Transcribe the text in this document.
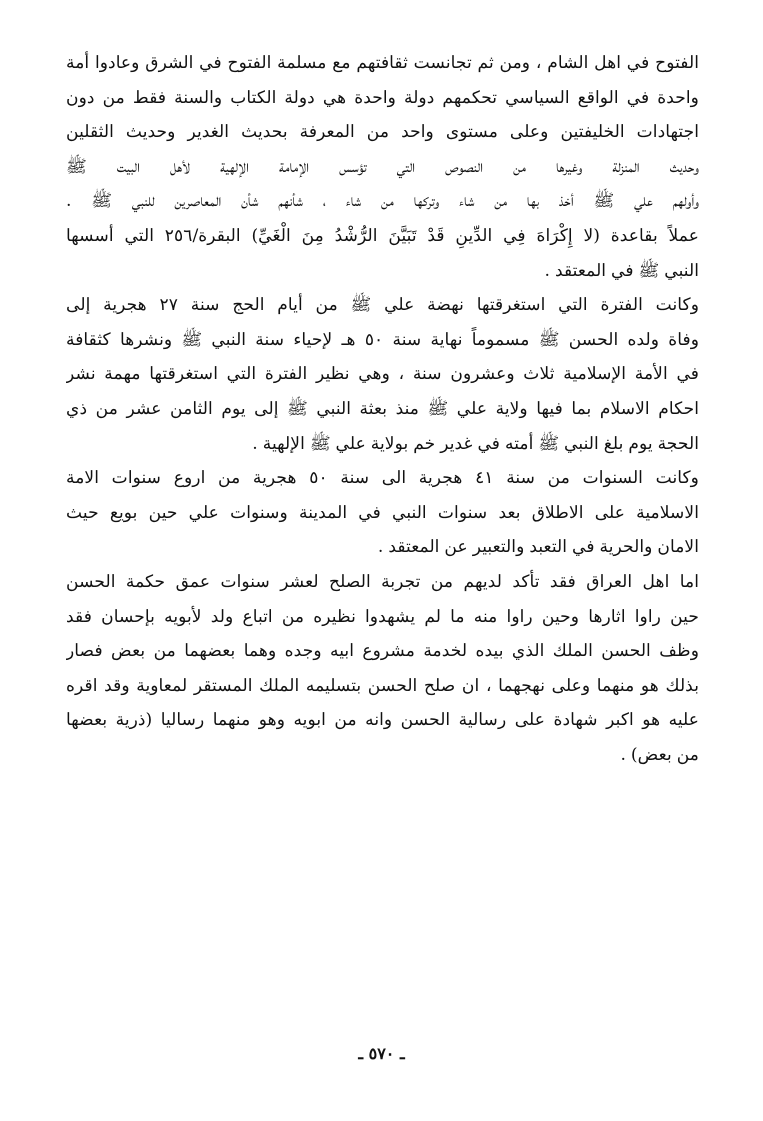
الفتوح في اهل الشام ، ومن ثم تجانست ثقافتهم مع مسلمة الفتوح في الشرق وعادوا أمة
واحدة في الواقع السياسي تحكمهم دولة واحدة هي دولة الكتاب والسنة فقط من دون
اجتهادات الخليفتين وعلى مستوى واحد من المعرفة بحديث الغدير وحديث الثقلين
وحديث المنزلة وغيرها من النصوص التي تؤسس الإمامة الإلهية لأهل البيت ﷺ
وأولهم علي ﷺ أخذ بها من شاء وتركها من شاء ، شأنهم شأن المعاصرين للنبي ﷺ .
عملاً بقاعدة (لا إِكْرَاهَ فِي الدِّينِ قَدْ تَبَيَّنَ الرُّشْدُ مِنَ الْغَيِّ) البقرة/٢٥٦ التي أسسها
النبي ﷺ في المعتقد .
وكانت الفترة التي استغرقتها نهضة علي ﷺ من أيام الحج سنة ٢٧ هجرية إلى
وفاة ولده الحسن ﷺ مسموماً نهاية سنة ٥٠ هـ لإحياء سنة النبي ﷺ ونشرها كثقافة
في الأمة الإسلامية ثلاث وعشرون سنة ، وهي نظير الفترة التي استغرقتها مهمة نشر
احكام الاسلام بما فيها ولاية علي ﷺ منذ بعثة النبي ﷺ إلى يوم الثامن عشر من ذي
الحجة يوم بلغ النبي ﷺ أمته في غدير خم بولاية علي ﷺ الإلهية .
وكانت السنوات من سنة ٤١ هجرية الى سنة ٥٠ هجرية من اروع سنوات الامة
الاسلامية على الاطلاق بعد سنوات النبي في المدينة وسنوات علي حين بويع حيث
الامان والحرية في التعبد والتعبير عن المعتقد .
اما اهل العراق فقد تأكد لديهم من تجربة الصلح لعشر سنوات عمق حكمة الحسن
حين راوا اثارها وحين راوا منه ما لم يشهدوا نظيره من اتباع ولد لأبويه بإحسان فقد
وظف الحسن الملك الذي بيده لخدمة مشروع ابيه وجده وهما بعضهما من بعض فصار
بذلك هو منهما وعلى نهجهما ، ان صلح الحسن بتسليمه الملك المستقر لمعاوية وقد اقره
عليه هو اكبر شهادة على رسالية الحسن وانه من ابويه وهو منهما رساليا (ذرية بعضها
من بعض) .
ـ ٥٧٠ ـ
